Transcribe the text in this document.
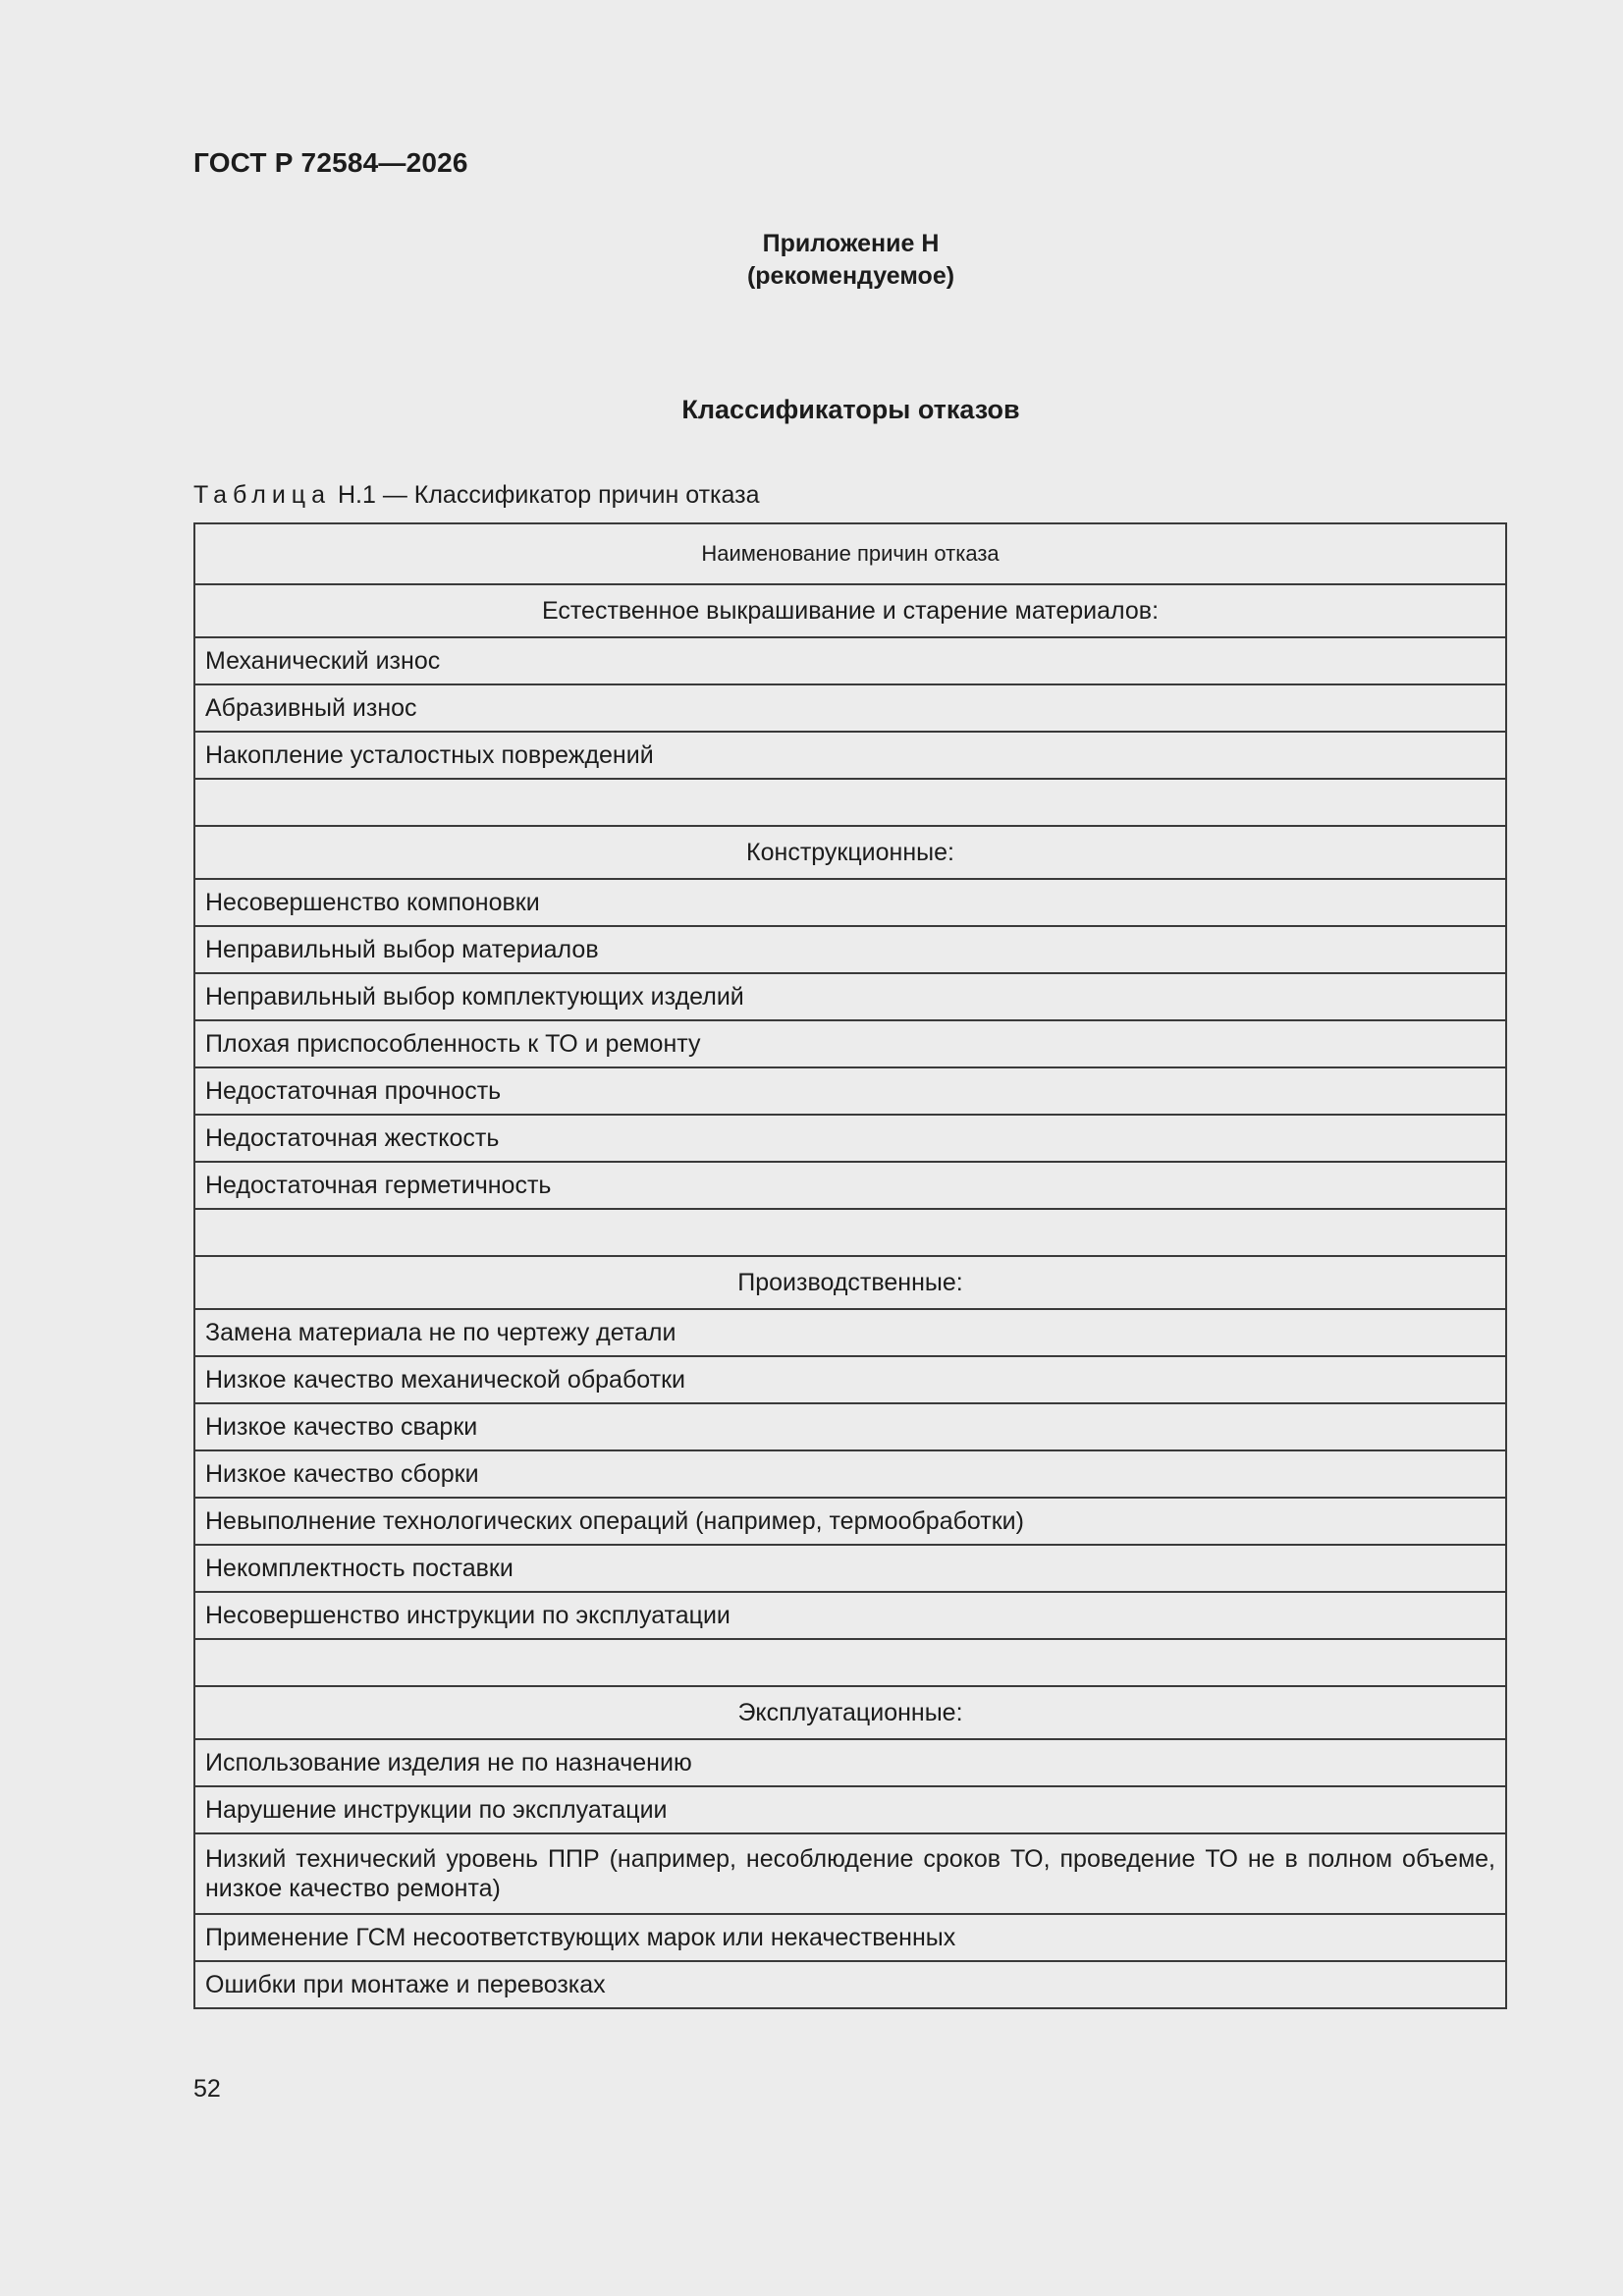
ГОСТ Р 72584—2026
Приложение Н
(рекомендуемое)
Классификаторы отказов
Таблица Н.1 — Классификатор причин отказа
Наименование причин отказа
Естественное выкрашивание и старение материалов:
Механический износ
Абразивный износ
Накопление усталостных повреждений

Конструкционные:
Несовершенство компоновки
Неправильный выбор материалов
Неправильный выбор комплектующих изделий
Плохая приспособленность к ТО и ремонту
Недостаточная прочность
Недостаточная жесткость
Недостаточная герметичность

Производственные:
Замена материала не по чертежу детали
Низкое качество механической обработки
Низкое качество сварки
Низкое качество сборки
Невыполнение технологических операций (например, термообработки)
Некомплектность поставки
Несовершенство инструкции по эксплуатации

Эксплуатационные:
Использование изделия не по назначению
Нарушение инструкции по эксплуатации
Низкий технический уровень ППР (например, несоблюдение сроков ТО, проведение ТО не в полном объеме, низкое качество ремонта)
Применение ГСМ несоответствующих марок или некачественных
Ошибки при монтаже и перевозках
52
